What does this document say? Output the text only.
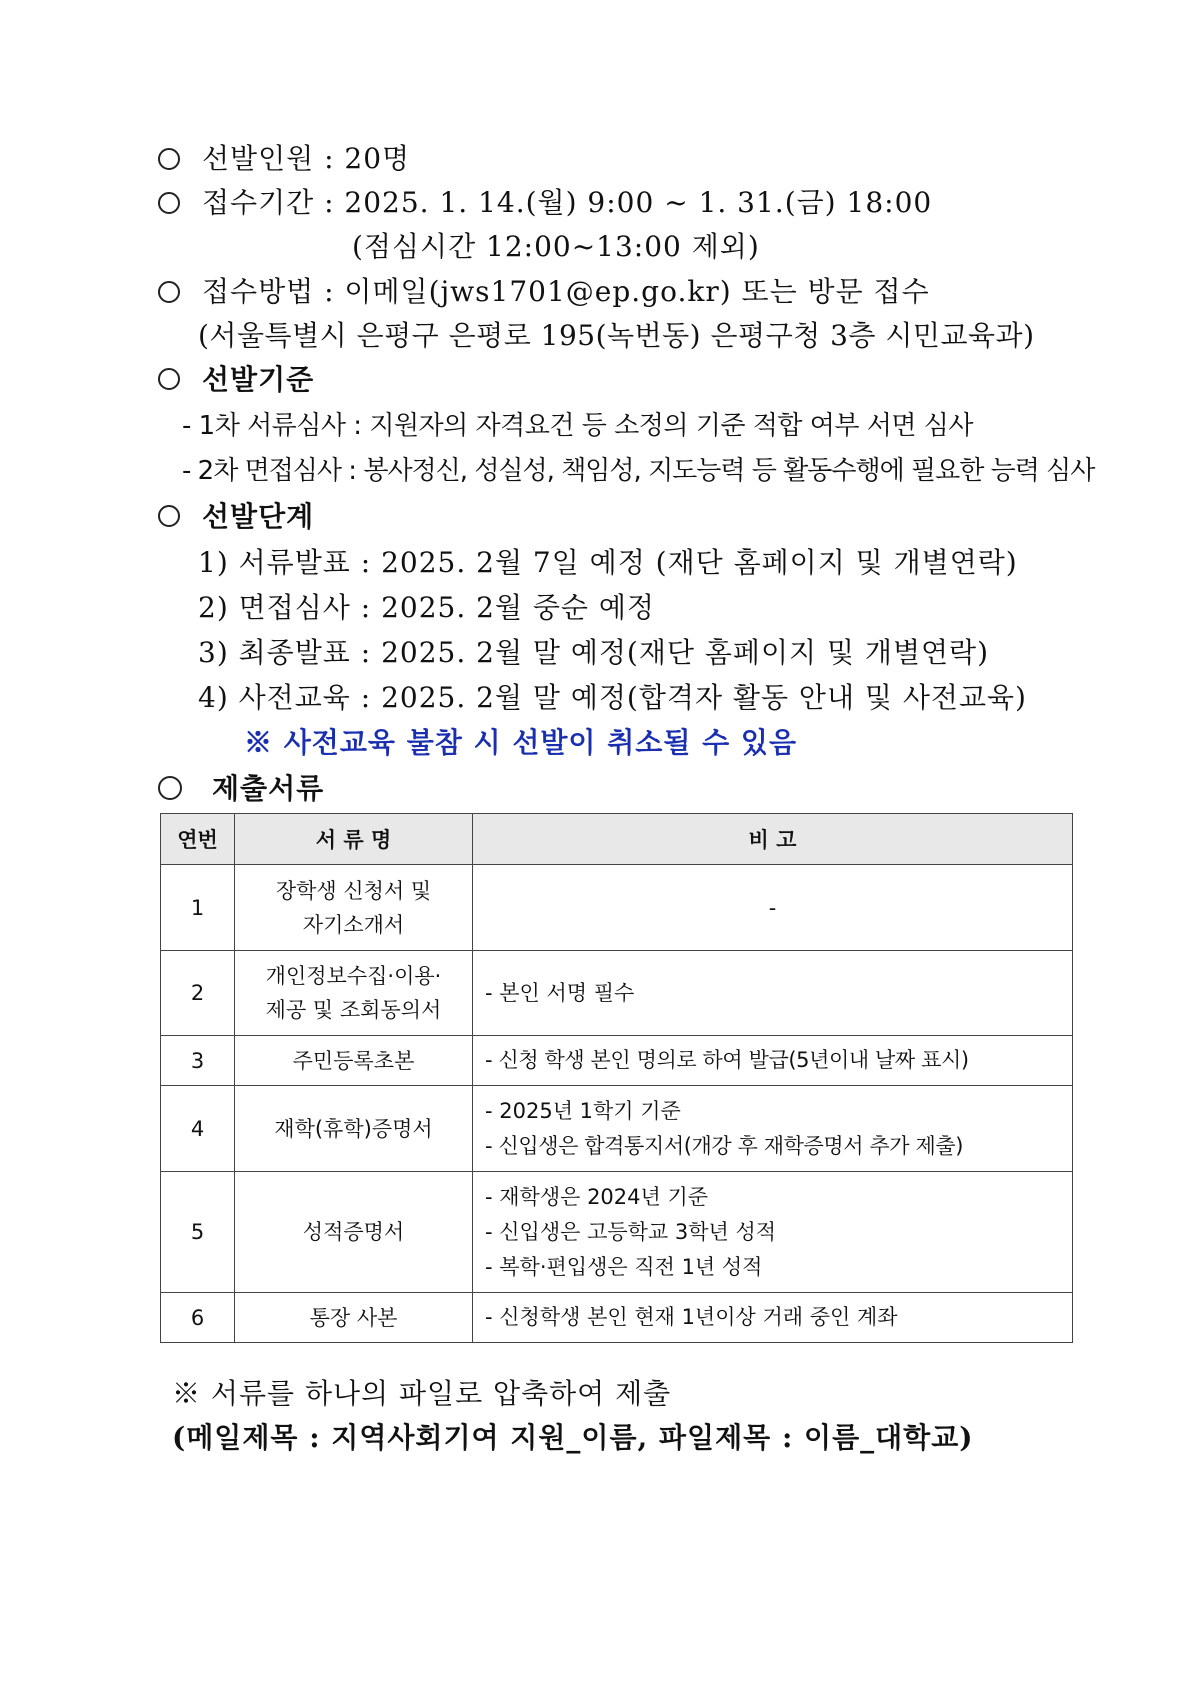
선발인원 : 20명
접수기간 : 2025. 1. 14.(월) 9:00 ~ 1. 31.(금) 18:00
(점심시간 12:00~13:00 제외)
접수방법 : 이메일(jws1701@ep.go.kr) 또는 방문 접수
(서울특별시 은평구 은평로 195(녹번동) 은평구청 3층 시민교육과)
선발기준
- 1차 서류심사 : 지원자의 자격요건 등 소정의 기준 적합 여부 서면 심사
- 2차 면접심사 : 봉사정신, 성실성, 책임성, 지도능력 등 활동수행에 필요한 능력 심사
선발단계
1) 서류발표 : 2025. 2월 7일 예정 (재단 홈페이지 및 개별연락)
2) 면접심사 : 2025. 2월 중순 예정
3) 최종발표 : 2025. 2월 말 예정(재단 홈페이지 및 개별연락)
4) 사전교육 : 2025. 2월 말 예정(합격자 활동 안내 및 사전교육)
※ 사전교육 불참 시 선발이 취소될 수 있음
제출서류
연번	서 류 명	비 고
1	장학생 신청서 및
자기소개서	-
2	개인정보수집·이용·
제공 및 조회동의서	- 본인 서명 필수
3	주민등록초본	- 신청 학생 본인 명의로 하여 발급(5년이내 날짜 표시)
4	재학(휴학)증명서	- 2025년 1학기 기준
- 신입생은 합격통지서(개강 후 재학증명서 추가 제출)

5	성적증명서	- 재학생은 2024년 기준
- 신입생은 고등학교 3학년 성적
- 복학·편입생은 직전 1년 성적

6	통장 사본	- 신청학생 본인 현재 1년이상 거래 중인 계좌
※ 서류를 하나의 파일로 압축하여 제출
(메일제목 : 지역사회기여 지원_이름, 파일제목 : 이름_대학교)
